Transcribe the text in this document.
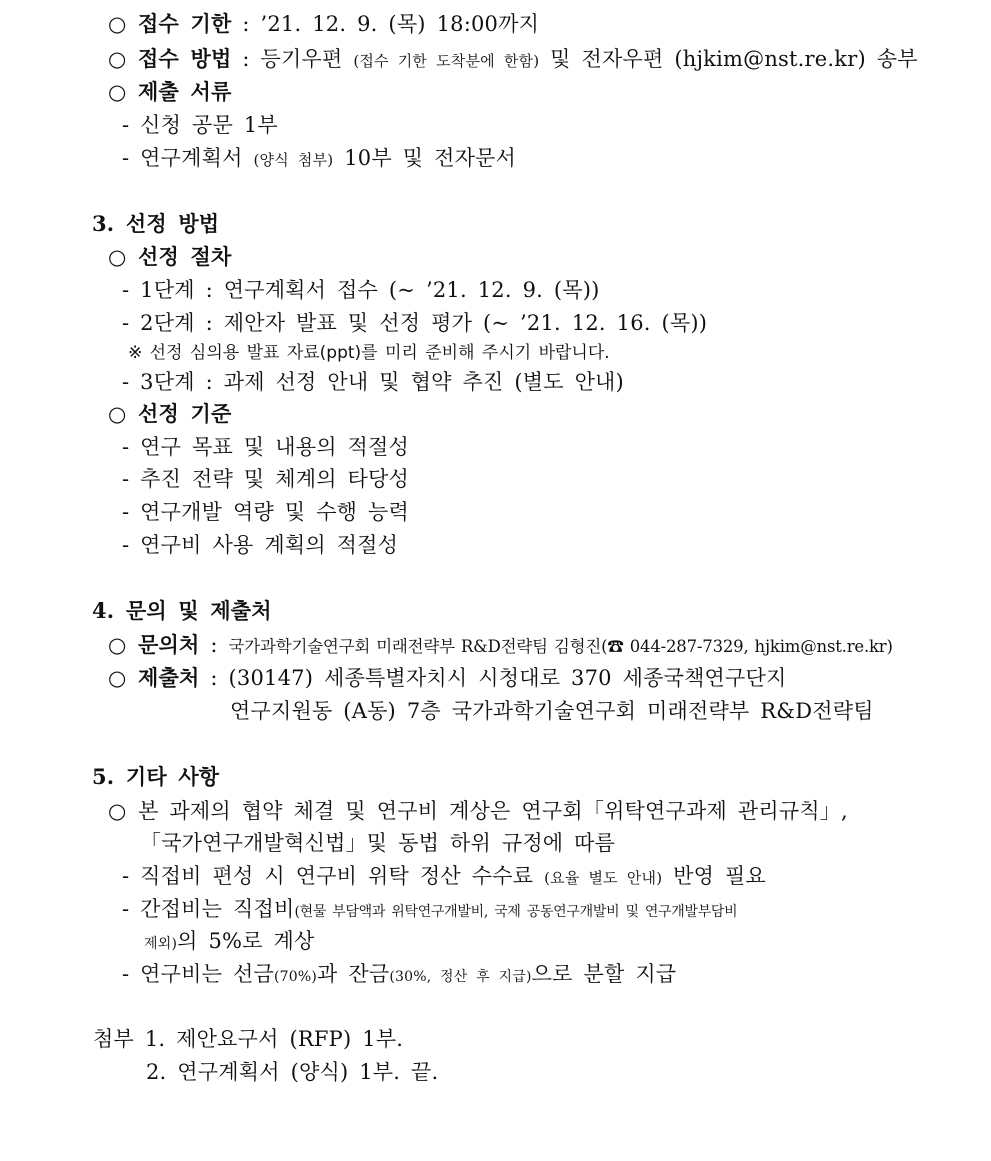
○ 접수 기한 : ’21. 12. 9. (목) 18:00까지
○ 접수 방법 : 등기우편 (접수 기한 도착분에 한함) 및 전자우편 (hjkim@nst.re.kr) 송부
○ 제출 서류
- 신청 공문 1부
- 연구계획서 (양식 첨부) 10부 및 전자문서
3. 선정 방법
○ 선정 절차
- 1단계 : 연구계획서 접수 (~ ’21. 12. 9. (목))
- 2단계 : 제안자 발표 및 선정 평가 (~ ’21. 12. 16. (목))
※ 선정 심의용 발표 자료(ppt)를 미리 준비해 주시기 바랍니다.
- 3단계 : 과제 선정 안내 및 협약 추진 (별도 안내)
○ 선정 기준
- 연구 목표 및 내용의 적절성
- 추진 전략 및 체계의 타당성
- 연구개발 역량 및 수행 능력
- 연구비 사용 계획의 적절성
4. 문의 및 제출처
○ 문의처 : 국가과학기술연구회 미래전략부 R&D전략팀 김형진(☎ 044-287-7329, hjkim@nst.re.kr)
○ 제출처 : (30147) 세종특별자치시 시청대로 370 세종국책연구단지
연구지원동 (A동) 7층 국가과학기술연구회 미래전략부 R&D전략팀
5. 기타 사항
○ 본 과제의 협약 체결 및 연구비 계상은 연구회「위탁연구과제 관리규칙」,
「국가연구개발혁신법」및 동법 하위 규정에 따름
- 직접비 편성 시 연구비 위탁 정산 수수료 (요율 별도 안내) 반영 필요
- 간접비는 직접비(현물 부담액과 위탁연구개발비, 국제 공동연구개발비 및 연구개발부담비
제외)의 5%로 계상
- 연구비는 선금(70%)과 잔금(30%, 정산 후 지급)으로 분할 지급
첨부 1. 제안요구서 (RFP) 1부.
2. 연구계획서 (양식) 1부. 끝.
